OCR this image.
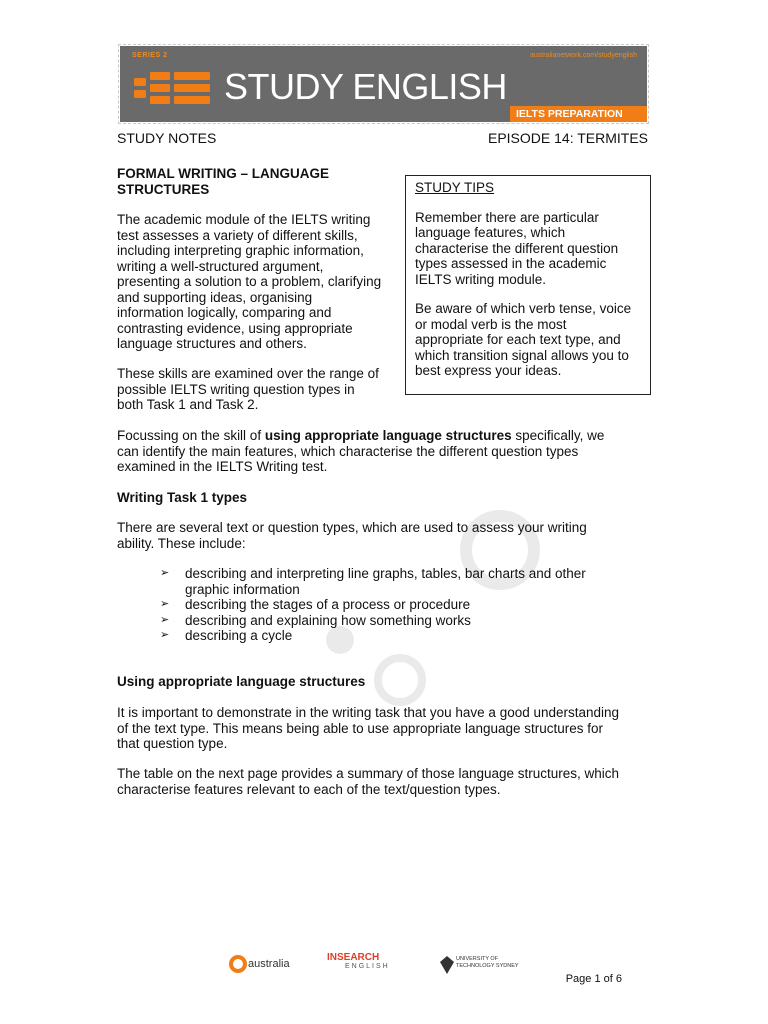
SERIES 2	australianetwork.com/studyenglish
STUDY ENGLISH
IELTS PREPARATION
STUDY NOTES	EPISODE 14: TERMITES
FORMAL WRITING – LANGUAGE
STRUCTURES
The academic module of the IELTS writing
test assesses a variety of different skills,
including interpreting graphic information,
writing a well-structured argument,
presenting a solution to a problem, clarifying
and supporting ideas, organising
information logically, comparing and
contrasting evidence, using appropriate
language structures and others.
These skills are examined over the range of
possible IELTS writing question types in
both Task 1 and Task 2.
STUDY TIPS

Remember there are particular
language features, which
characterise the different question
types assessed in the academic
IELTS writing module.

Be aware of which verb tense, voice
or modal verb is the most
appropriate for each text type, and
which transition signal allows you to
best express your ideas.

Focussing on the skill of using appropriate language structures specifically, we
can identify the main features, which characterise the different question types
examined in the IELTS Writing test.
Writing Task 1 types
There are several text or question types, which are used to assess your writing
ability. These include:
➢ describing and interpreting line graphs, tables, bar charts and other
graphic information
➢ describing the stages of a process or procedure
➢ describing and explaining how something works
➢ describing a cycle
Using appropriate language structures
It is important to demonstrate in the writing task that you have a good understanding
of the text type. This means being able to use appropriate language structures for
that question type.
The table on the next page provides a summary of those language structures, which
characterise features relevant to each of the text/question types.
australia
INSEARCH
ENGLISH
UNIVERSITY OF
TECHNOLOGY SYDNEY
Page 1 of 6
